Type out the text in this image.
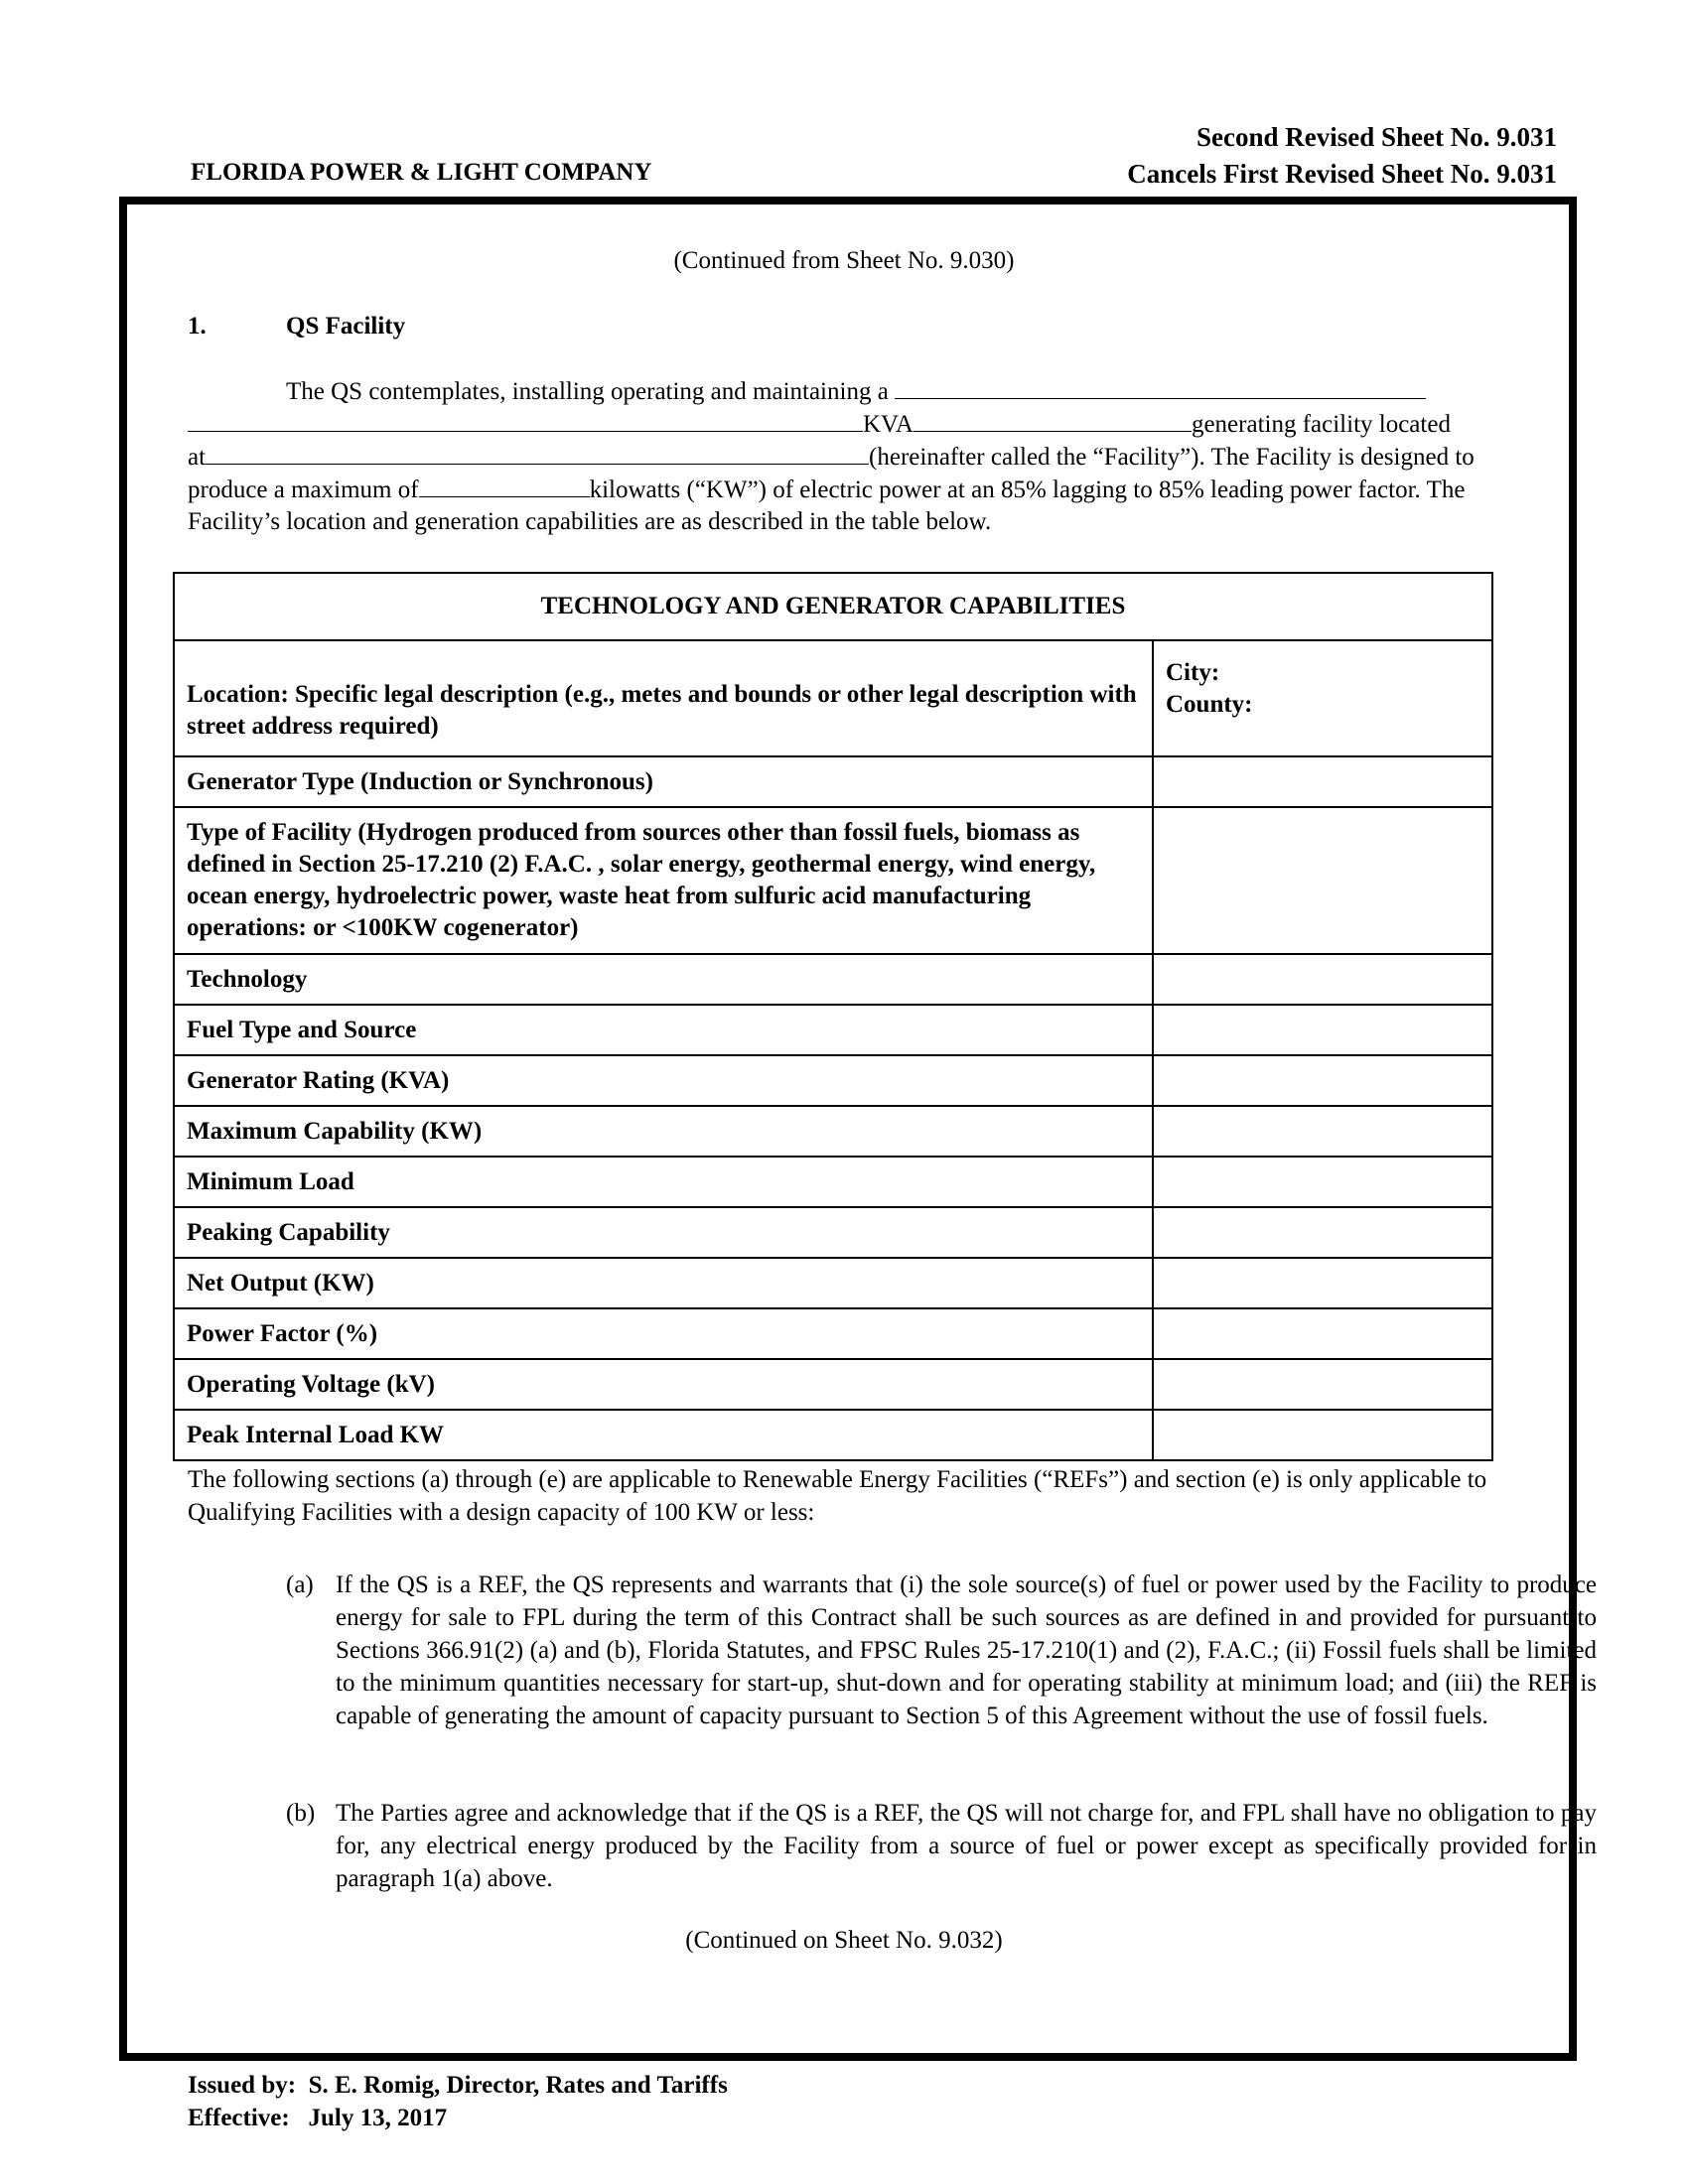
FLORIDA POWER & LIGHT COMPANY
Second Revised Sheet No. 9.031
Cancels First Revised Sheet No. 9.031
(Continued from Sheet No. 9.030)
1.	QS Facility
The QS contemplates, installing operating and maintaining a
KVA	generating facility located
at	(hereinafter called the “Facility”). The Facility is designed to
produce a maximum of	kilowatts (“KW”) of electric power at an 85% lagging to 85% leading power factor. The
Facility’s location and generation capabilities are as described in the table below.
TECHNOLOGY AND GENERATOR CAPABILITIES	
Location: Specific legal description (e.g., metes and bounds or other legal description with street address required)	City:
County:

Generator Type (Induction or Synchronous)	
Type of Facility (Hydrogen produced from sources other than fossil fuels, biomass as defined in Section 25-17.210 (2) F.A.C. , solar energy, geothermal energy, wind energy, ocean energy, hydroelectric power, waste heat from sulfuric acid manufacturing operations: or <100KW cogenerator)	
Technology	
Fuel Type and Source	
Generator Rating (KVA)	
Maximum Capability (KW)	
Minimum Load	
Peaking Capability	
Net Output (KW)	
Power Factor (%)	
Operating Voltage (kV)	
Peak Internal Load KW	
The following sections (a) through (e) are applicable to Renewable Energy Facilities (“REFs”) and section (e) is only applicable to Qualifying Facilities with a design capacity of 100 KW or less:
(a) If the QS is a REF, the QS represents and warrants that (i) the sole source(s) of fuel or power used by the Facility to produce energy for sale to FPL during the term of this Contract shall be such sources as are defined in and provided for pursuant to Sections 366.91(2) (a) and (b), Florida Statutes, and FPSC Rules 25-17.210(1) and (2), F.A.C.; (ii) Fossil fuels shall be limited to the minimum quantities necessary for start-up, shut-down and for operating stability at minimum load; and (iii) the REF is capable of generating the amount of capacity pursuant to Section 5 of this Agreement without the use of fossil fuels.
(b) The Parties agree and acknowledge that if the QS is a REF, the QS will not charge for, and FPL shall have no obligation to pay for, any electrical energy produced by the Facility from a source of fuel or power except as specifically provided for in paragraph 1(a) above.
(Continued on Sheet No. 9.032)
Issued by: S. E. Romig, Director, Rates and Tariffs
Effective: July 13, 2017
